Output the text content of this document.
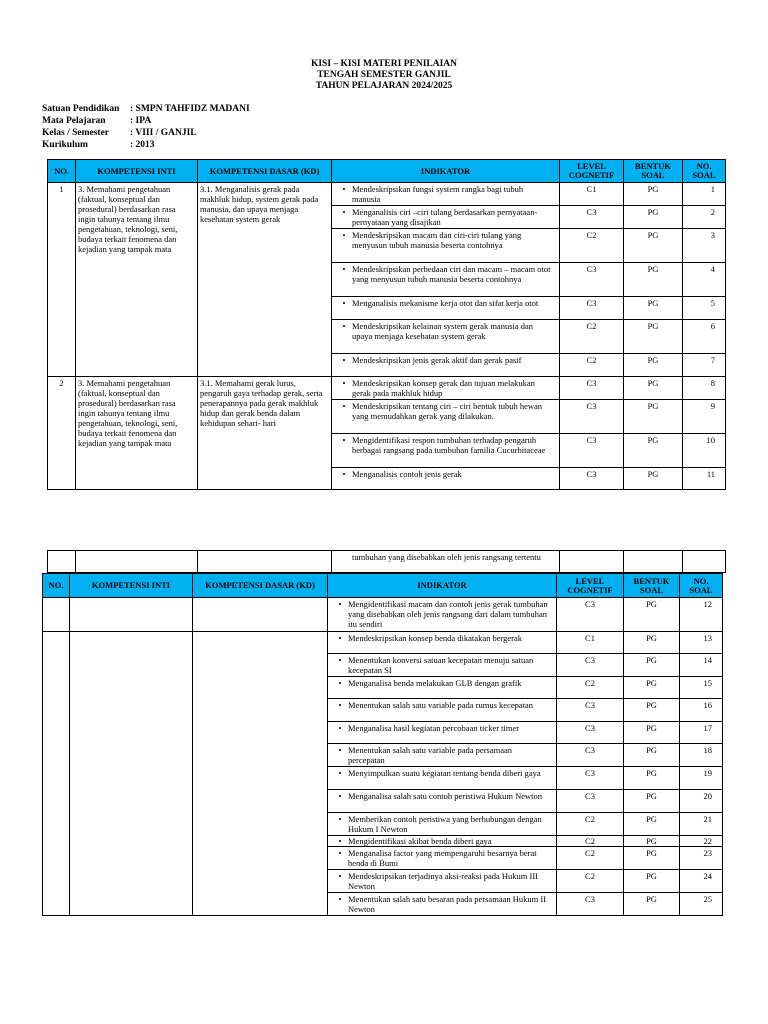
KISI – KISI MATERI PENILAIAN
TENGAH SEMESTER GANJIL
TAHUN PELAJARAN 2024/2025
Satuan Pendidikan	: SMPN TAHFIDZ MADANI
Mata Pelajaran	: IPA
Kelas / Semester	: VIII / GANJIL
Kurikulum	: 2013
NO.	KOMPETENSI INTI	KOMPETENSI DASAR (KD)	INDIKATOR	LEVEL COGNETIF	BENTUK SOAL	NO. SOAL
1	3. Memahami pengetahuan (faktual, konseptual dan prosedural) berdasarkan rasa ingin tahunya tentang ilmu pengetahuan, teknologi, seni, budaya terkait fenomena dan kejadian yang tampak mata	3.1. Menganalisis gerak pada makhluk hidup, system gerak pada manusia, dan upaya menjaga kesehatan system gerak	• Mendeskripsikan fungsi system rangka bagi tubuh manusia	C1	PG	1
			• Menganalisis ciri –ciri tulang berdasarkan pernyataan- pernyataan yang disajikan	C3	PG	2
			• Mendeskripsikan macam dan ciri-ciri tulang yang menyusun tubuh manusia beserta contohnya	C2	PG	3
			• Mendeskripsikan perbedaan ciri dan macam – macam otot yang menyusun tubuh manusia beserta contohnya	C3	PG	4
			• Menganalisis mekanisme kerja otot dan sifat kerja otot	C3	PG	5
			• Mendeskripsikan kelainan system gerak manusia dan upaya menjaga kesehatan system gerak	C2	PG	6
			• Mendeskripsikan jenis gerak aktif dan gerak pasif	C2	PG	7
2	3. Memahami pengetahuan (faktual, konseptual dan prosedural) berdasarkan rasa ingin tahunya tentang ilmu pengetahuan, teknologi, seni, budaya terkait fenomena dan kejadian yang tampak mata	3.1. Memahami gerak lurus, pengaruh gaya terhadap gerak, serta penerapannya pada gerak makhluk hidup dan gerak benda dalam kehidupan sehari- hari	• Mendeskripsikan konsep gerak dan tujuan melakukan gerak pada makhluk hidup	C3	PG	8
			• Mendeskripsikan tentang ciri – ciri bentuk tubuh hewan yang memudahkan gerak yang dilakukan.	C3	PG	9
			• Mengidentifikasi respon tumbuhan terhadap pengaruh berbagai rangsang pada tumbuhan familia Cucurbitaceae	C3	PG	10
			• Menganalisis contoh jenis gerak	C3	PG	11
			tumbuhan yang disebabkan oleh jenis rangsang tertentu			
NO.	KOMPETENSI INTI	KOMPETENSI DASAR (KD)	INDIKATOR	LEVEL COGNETIF	BENTUK SOAL	NO. SOAL
			• Mengidentifikasi macam dan contoh jenis gerak tumbuhan yang disebabkan oleh jenis rangsang dari dalam tumbuhan itu sendiri	C3	PG	12
			• Mendeskripsikan konsep benda dikatakan bergerak	C1	PG	13
			• Menentukan konversi satuan kecepatan menuju satuan kecepatan SI	C3	PG	14
			• Menganalisa benda melakukan GLB dengan grafik	C2	PG	15
			• Menentukan salah satu variable pada rumus kecepatan	C3	PG	16
			• Menganalisa hasil kegiatan percobaan ticker timer	C3	PG	17
			• Menentukan salah satu variable pada persamaan percepatan	C3	PG	18
			• Menyimpulkan suatu kegiatan tentang benda diberi gaya	C3	PG	19
			• Menganalisa salah satu contoh peristiwa Hukum Newton	C3	PG	20
			• Memberikan contoh peristiwa yang berhubungan dengan Hukum I Newton	C2	PG	21
			• Mengidentifikasi akibat benda diberi gaya	C2	PG	22
			• Menganalisa factor yang mempengaruhi besarnya berat benda di Bumi	C2	PG	23
			• Mendeskripsikan terjadinya aksi-reaksi pada Hukum III Newton	C2	PG	24
			• Menentukan salah satu besaran pada persamaan Hukum II Newton	C3	PG	25
